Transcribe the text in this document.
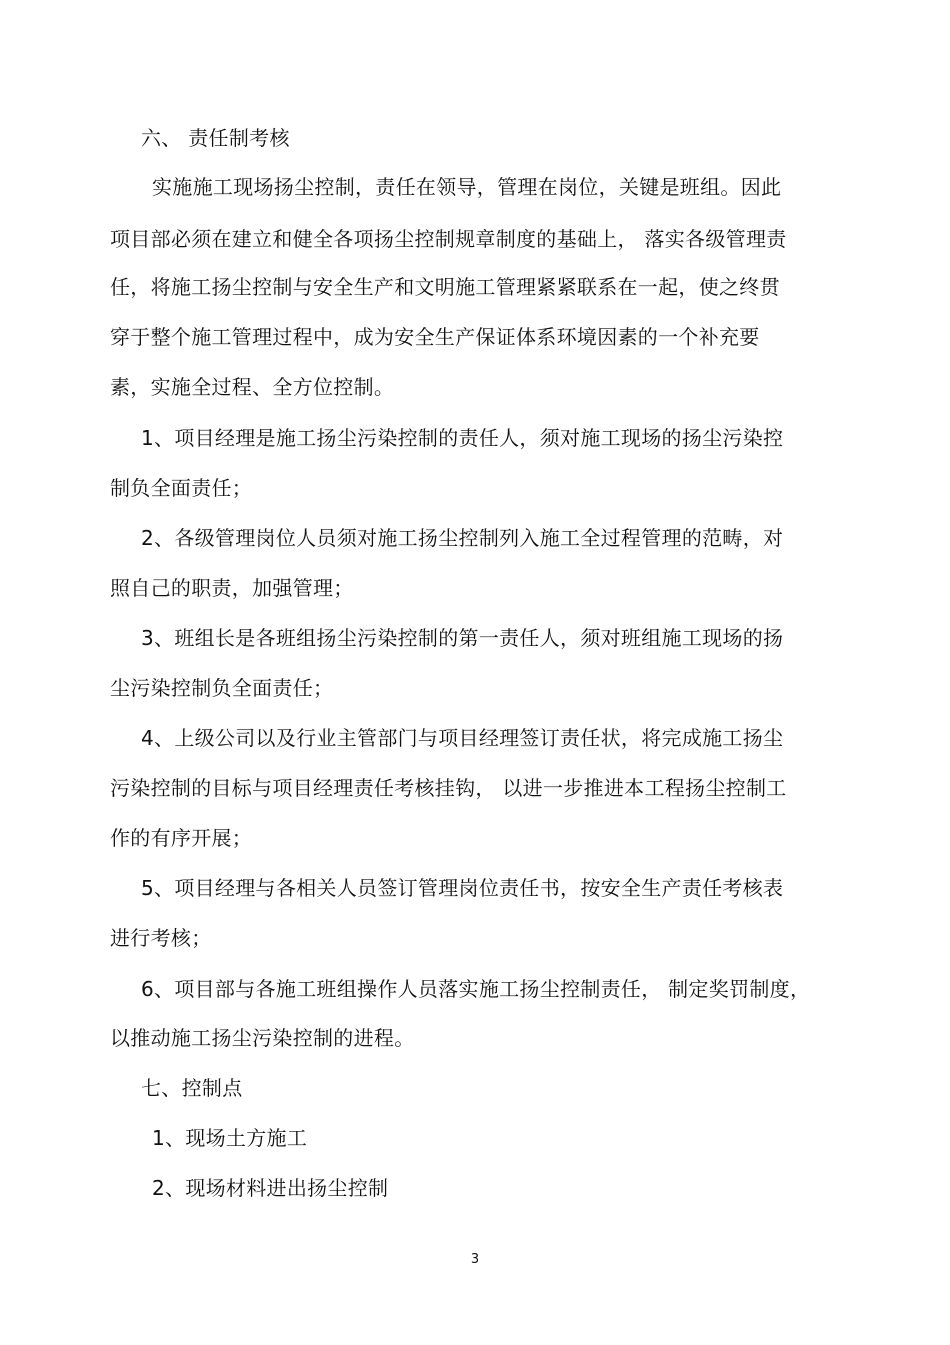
六、 责任制考核
实施施工现场扬尘控制，责任在领导，管理在岗位，关键是班组。因此
项目部必须在建立和健全各项扬尘控制规章制度的基础上， 落实各级管理责
任，将施工扬尘控制与安全生产和文明施工管理紧紧联系在一起，使之终贯
穿于整个施工管理过程中，成为安全生产保证体系环境因素的一个补充要
素，实施全过程、全方位控制。
1、项目经理是施工扬尘污染控制的责任人，须对施工现场的扬尘污染控
制负全面责任；
2、各级管理岗位人员须对施工扬尘控制列入施工全过程管理的范畴，对
照自己的职责，加强管理；
3、班组长是各班组扬尘污染控制的第一责任人，须对班组施工现场的扬
尘污染控制负全面责任；
4、上级公司以及行业主管部门与项目经理签订责任状，将完成施工扬尘
污染控制的目标与项目经理责任考核挂钩， 以进一步推进本工程扬尘控制工
作的有序开展；
5、项目经理与各相关人员签订管理岗位责任书，按安全生产责任考核表
进行考核；
6、项目部与各施工班组操作人员落实施工扬尘控制责任， 制定奖罚制度，
以推动施工扬尘污染控制的进程。
七、控制点
1、现场土方施工
2、现场材料进出扬尘控制
3
